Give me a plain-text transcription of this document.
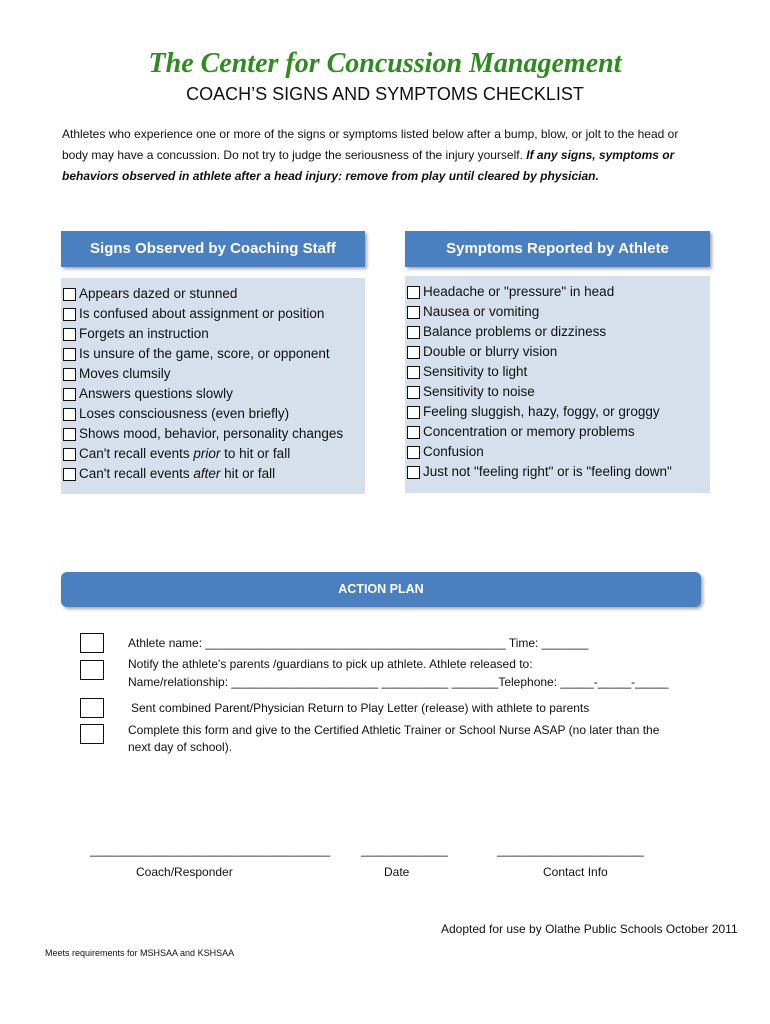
The Center for Concussion Management
COACH’S SIGNS AND SYMPTOMS CHECKLIST
Athletes who experience one or more of the signs or symptoms listed below after a bump, blow, or jolt to the head or
body may have a concussion. Do not try to judge the seriousness of the injury yourself. If any signs, symptoms or
behaviors observed in athlete after a head injury: remove from play until cleared by physician.
Signs Observed by Coaching Staff
Appears dazed or stunned
Is confused about assignment or position
Forgets an instruction
Is unsure of the game, score, or opponent
Moves clumsily
Answers questions slowly
Loses consciousness (even briefly)
Shows mood, behavior, personality changes
Can't recall events prior to hit or fall
Can't recall events after hit or fall
Symptoms Reported by Athlete
Headache or "pressure" in head
Nausea or vomiting
Balance problems or dizziness
Double or blurry vision
Sensitivity to light
Sensitivity to noise
Feeling sluggish, hazy, foggy, or groggy
Concentration or memory problems
Confusion
Just not "feeling right" or is "feeling down"
ACTION PLAN
Athlete name: _____________________________________________ Time: _______
Notify the athlete's parents /guardians to pick up athlete. Athlete released to:
Name/relationship: ______________________ __________ _______Telephone: _____-_____-_____
Sent combined Parent/Physician Return to Play Letter (release) with athlete to parents
Complete this form and give to the Certified Athletic Trainer or School Nurse ASAP (no later than the
next day of school).
____________________________________	_____________	______________________
Coach/Responder	Date	Contact Info
Adopted for use by Olathe Public Schools October 2011
Meets requirements for MSHSAA and KSHSAA
